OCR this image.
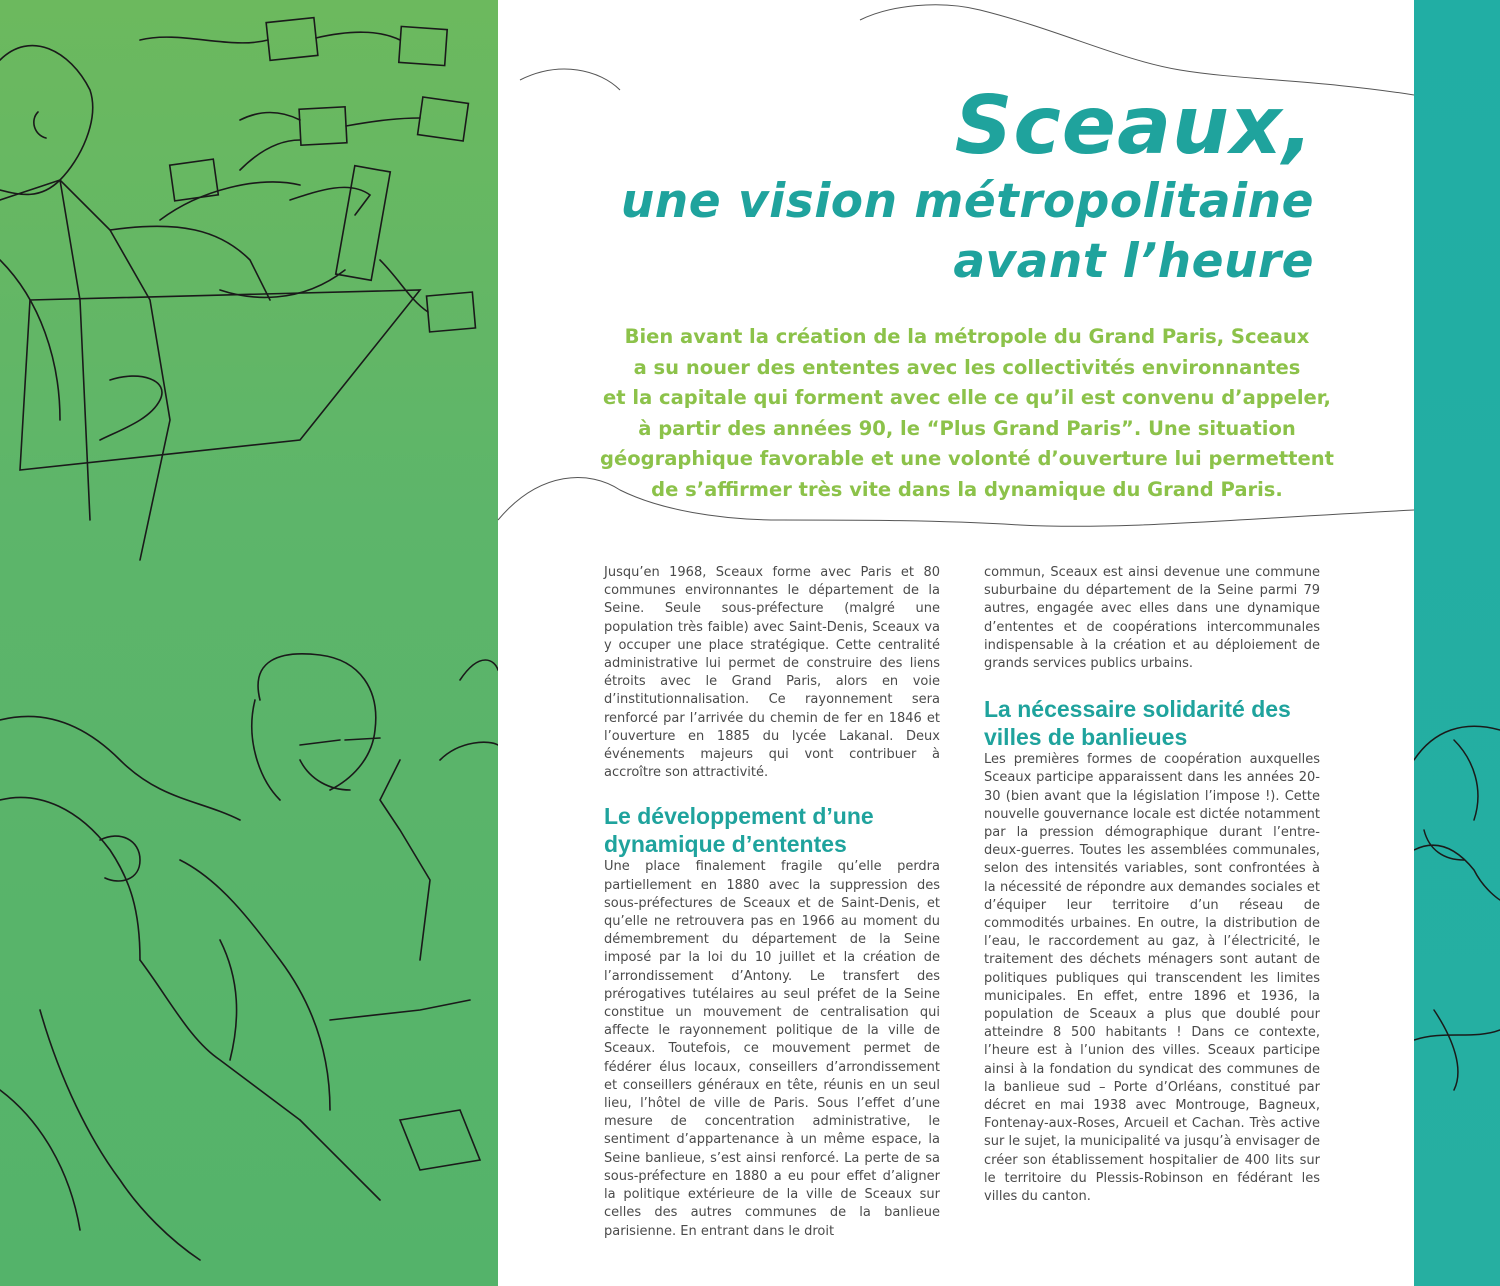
Sceaux,
une vision métropolitaine
avant l’heure
Bien avant la création de la métropole du Grand Paris, Sceaux
a su nouer des ententes avec les collectivités environnantes
et la capitale qui forment avec elle ce qu’il est convenu d’appeler,
à partir des années 90, le “Plus Grand Paris”. Une situation
géographique favorable et une volonté d’ouverture lui permettent
de s’affirmer très vite dans la dynamique du Grand Paris.

Jusqu’en 1968, Sceaux forme avec Paris et 80 communes environnantes le département de la Seine. Seule sous-préfecture (malgré une population très faible) avec Saint-Denis, Sceaux va y occuper une place stratégique. Cette centralité administrative lui permet de construire des liens étroits avec le Grand Paris, alors en voie d’institutionnalisation. Ce rayonnement sera renforcé par l’arrivée du chemin de fer en 1846 et l’ouverture en 1885 du lycée Lakanal. Deux événements majeurs qui vont contribuer à accroître son attractivité.

Le développement d’une dynamique d’ententes

Une place finalement fragile qu’elle perdra partiellement en 1880 avec la suppression des sous-préfectures de Sceaux et de Saint-Denis, et qu’elle ne retrouvera pas en 1966 au moment du démembrement du département de la Seine imposé par la loi du 10 juillet et la création de l’arrondissement d’Antony. Le transfert des prérogatives tutélaires au seul préfet de la Seine constitue un mouvement de centralisation qui affecte le rayonnement politique de la ville de Sceaux. Toutefois, ce mouvement permet de fédérer élus locaux, conseillers d’arrondissement et conseillers généraux en tête, réunis en un seul lieu, l’hôtel de ville de Paris. Sous l’effet d’une mesure de concentration administrative, le sentiment d’appartenance à un même espace, la Seine banlieue, s’est ainsi renforcé. La perte de sa sous-préfecture en 1880 a eu pour effet d’aligner la politique extérieure de la ville de Sceaux sur celles des autres communes de la banlieue parisienne. En entrant dans le droit

commun, Sceaux est ainsi devenue une commune suburbaine du département de la Seine parmi 79 autres, engagée avec elles dans une dynamique d’ententes et de coopérations intercommunales indispensable à la création et au déploiement de grands services publics urbains.

La nécessaire solidarité des villes de banlieues

Les premières formes de coopération auxquelles Sceaux participe apparaissent dans les années 20-30 (bien avant que la législation l’impose !). Cette nouvelle gouvernance locale est dictée notamment par la pression démographique durant l’entre-deux-guerres. Toutes les assemblées communales, selon des intensités variables, sont confrontées à la nécessité de répondre aux demandes sociales et d’équiper leur territoire d’un réseau de commodités urbaines. En outre, la distribution de l’eau, le raccordement au gaz, à l’électricité, le traitement des déchets ménagers sont autant de politiques publiques qui transcendent les limites municipales. En effet, entre 1896 et 1936, la population de Sceaux a plus que doublé pour atteindre 8 500 habitants ! Dans ce contexte, l’heure est à l’union des villes. Sceaux participe ainsi à la fondation du syndicat des communes de la banlieue sud – Porte d’Orléans, constitué par décret en mai 1938 avec Montrouge, Bagneux, Fontenay-aux-Roses, Arcueil et Cachan. Très active sur le sujet, la municipalité va jusqu’à envisager de créer son établissement hospitalier de 400 lits sur le territoire du Plessis-Robinson en fédérant les villes du canton.
